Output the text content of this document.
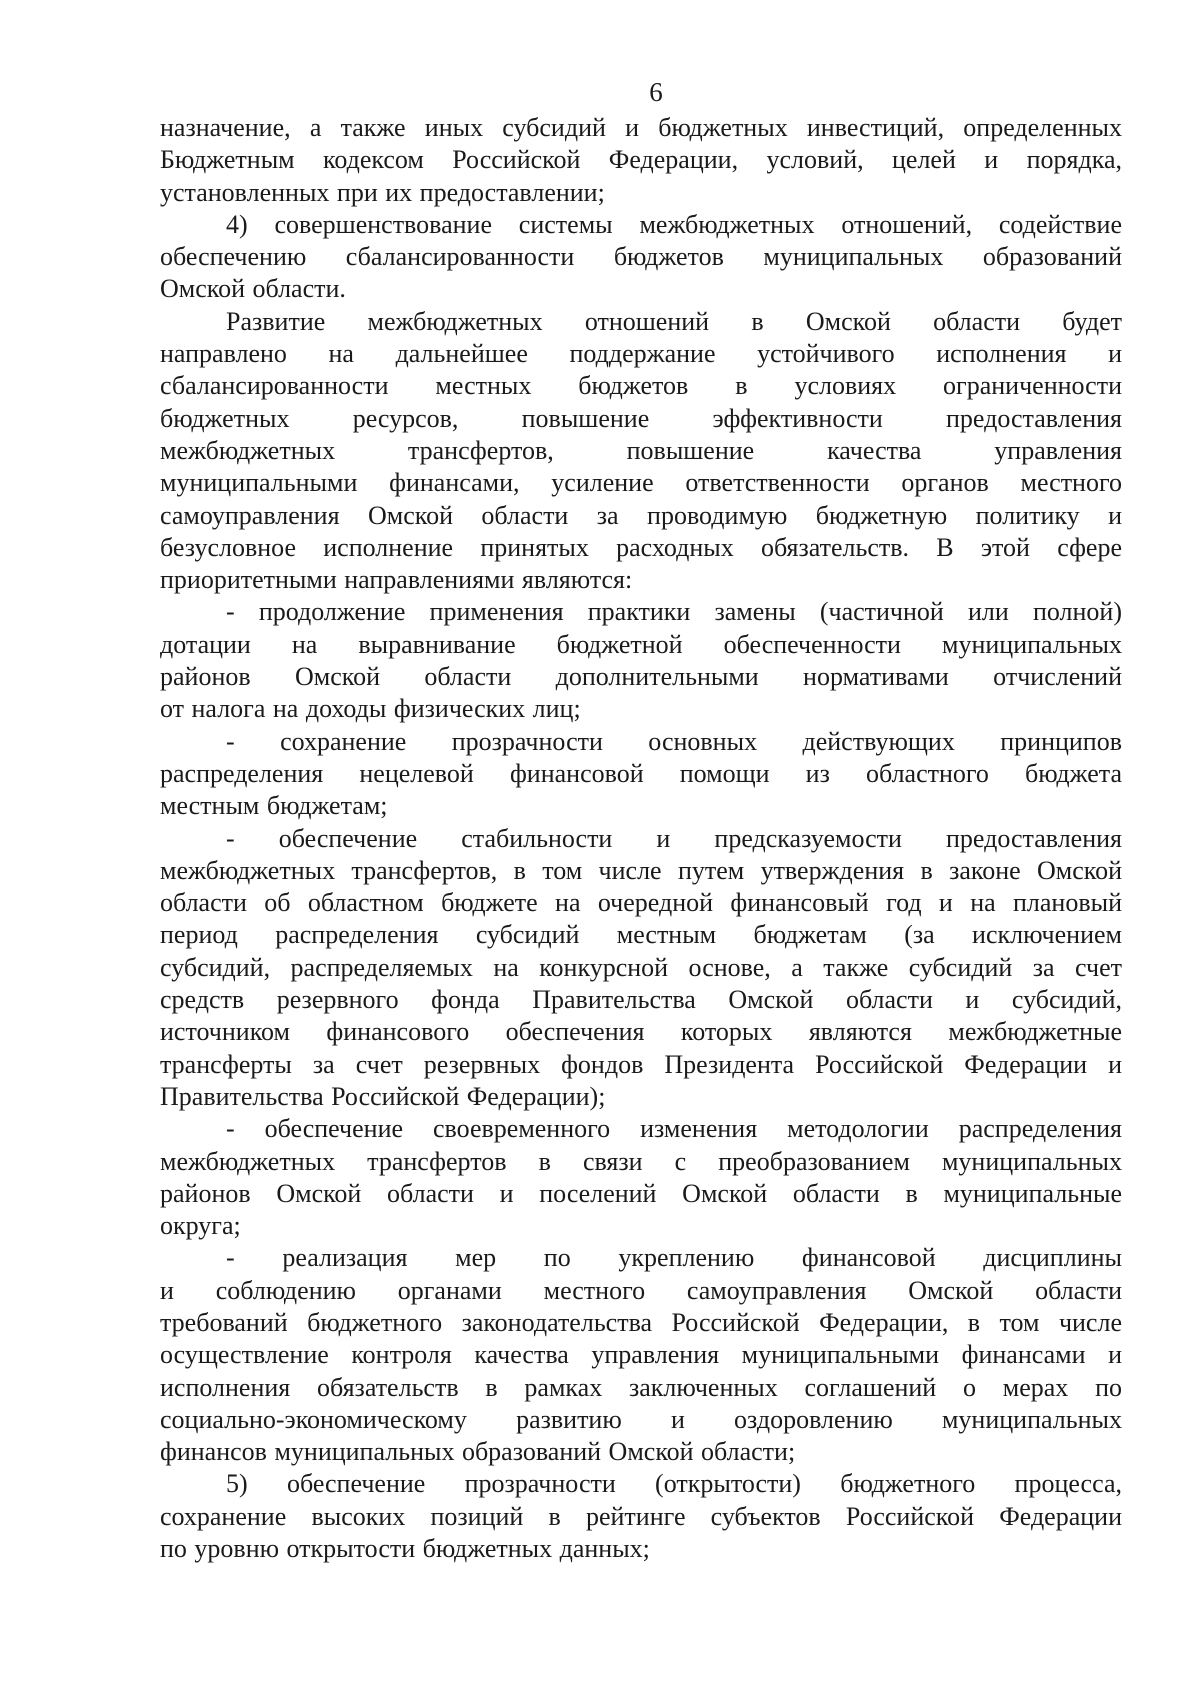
6
назначение, а также иных субсидий и бюджетных инвестиций, определенных
Бюджетным кодексом Российской Федерации, условий, целей и порядка,
установленных при их предоставлении;
4) совершенствование системы межбюджетных отношений, содействие
обеспечению сбалансированности бюджетов муниципальных образований
Омской области.
Развитие межбюджетных отношений в Омской области будет
направлено на дальнейшее поддержание устойчивого исполнения и
сбалансированности местных бюджетов в условиях ограниченности
бюджетных ресурсов, повышение эффективности предоставления
межбюджетных трансфертов, повышение качества управления
муниципальными финансами, усиление ответственности органов местного
самоуправления Омской области за проводимую бюджетную политику и
безусловное исполнение принятых расходных обязательств. В этой сфере
приоритетными направлениями являются:
- продолжение применения практики замены (частичной или полной)
дотации на выравнивание бюджетной обеспеченности муниципальных
районов Омской области дополнительными нормативами отчислений
от налога на доходы физических лиц;
- сохранение прозрачности основных действующих принципов
распределения нецелевой финансовой помощи из областного бюджета
местным бюджетам;
- обеспечение стабильности и предсказуемости предоставления
межбюджетных трансфертов, в том числе путем утверждения в законе Омской
области об областном бюджете на очередной финансовый год и на плановый
период распределения субсидий местным бюджетам (за исключением
субсидий, распределяемых на конкурсной основе, а также субсидий за счет
средств резервного фонда Правительства Омской области и субсидий,
источником финансового обеспечения которых являются межбюджетные
трансферты за счет резервных фондов Президента Российской Федерации и
Правительства Российской Федерации);
- обеспечение своевременного изменения методологии распределения
межбюджетных трансфертов в связи с преобразованием муниципальных
районов Омской области и поселений Омской области в муниципальные
округа;
- реализация мер по укреплению финансовой дисциплины
и соблюдению органами местного самоуправления Омской области
требований бюджетного законодательства Российской Федерации, в том числе
осуществление контроля качества управления муниципальными финансами и
исполнения обязательств в рамках заключенных соглашений о мерах по
социально-экономическому развитию и оздоровлению муниципальных
финансов муниципальных образований Омской области;
5) обеспечение прозрачности (открытости) бюджетного процесса,
сохранение высоких позиций в рейтинге субъектов Российской Федерации
по уровню открытости бюджетных данных;
